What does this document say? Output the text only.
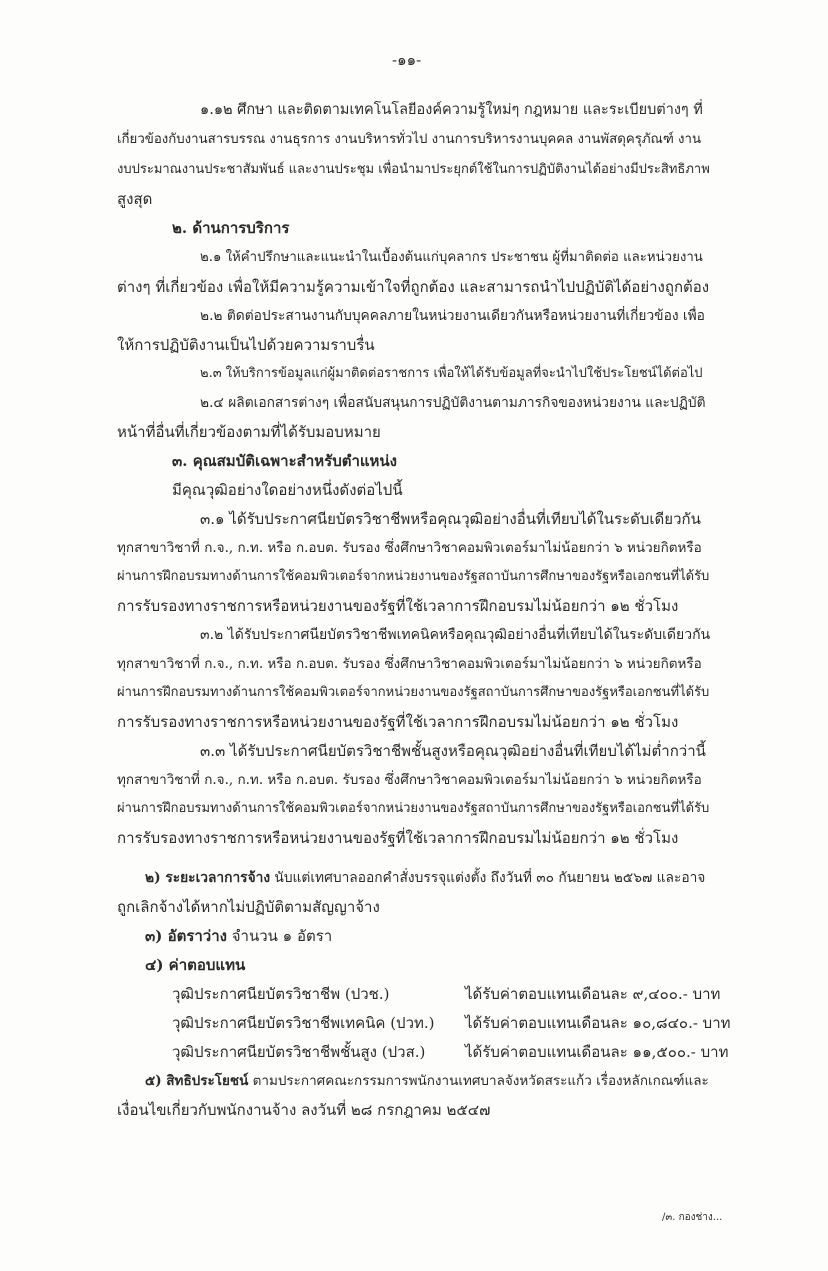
-๑๑-
๑.๑๒ ศึกษา และติดตามเทคโนโลยีองค์ความรู้ใหม่ๆ กฎหมาย และระเบียบต่างๆ ที่
เกี่ยวข้องกับงานสารบรรณ งานธุรการ งานบริหารทั่วไป งานการบริหารงานบุคคล งานพัสดุครุภัณฑ์ งาน
งบประมาณงานประชาสัมพันธ์ และงานประชุม เพื่อนำมาประยุกต์ใช้ในการปฏิบัติงานได้อย่างมีประสิทธิภาพ
สูงสุด
๒. ด้านการบริการ
๒.๑ ให้คำปรึกษาและแนะนำในเบื้องต้นแก่บุคลากร ประชาชน ผู้ที่มาติดต่อ และหน่วยงาน
ต่างๆ ที่เกี่ยวข้อง เพื่อให้มีความรู้ความเข้าใจที่ถูกต้อง และสามารถนำไปปฏิบัติได้อย่างถูกต้อง
๒.๒ ติดต่อประสานงานกับบุคคลภายในหน่วยงานเดียวกันหรือหน่วยงานที่เกี่ยวข้อง เพื่อ
ให้การปฏิบัติงานเป็นไปด้วยความราบรื่น
๒.๓ ให้บริการข้อมูลแก่ผู้มาติดต่อราชการ เพื่อให้ได้รับข้อมูลที่จะนำไปใช้ประโยชน์ได้ต่อไป
๒.๔ ผลิตเอกสารต่างๆ เพื่อสนับสนุนการปฏิบัติงานตามภารกิจของหน่วยงาน และปฏิบัติ
หน้าที่อื่นที่เกี่ยวข้องตามที่ได้รับมอบหมาย
๓. คุณสมบัติเฉพาะสำหรับตำแหน่ง
มีคุณวุฒิอย่างใดอย่างหนึ่งดังต่อไปนี้
๓.๑ ได้รับประกาศนียบัตรวิชาชีพหรือคุณวุฒิอย่างอื่นที่เทียบได้ในระดับเดียวกัน
ทุกสาขาวิชาที่ ก.จ., ก.ท. หรือ ก.อบต. รับรอง ซึ่งศึกษาวิชาคอมพิวเตอร์มาไม่น้อยกว่า ๖ หน่วยกิตหรือ
ผ่านการฝึกอบรมทางด้านการใช้คอมพิวเตอร์จากหน่วยงานของรัฐสถาบันการศึกษาของรัฐหรือเอกชนที่ได้รับ
การรับรองทางราชการหรือหน่วยงานของรัฐที่ใช้เวลาการฝึกอบรมไม่น้อยกว่า ๑๒ ชั่วโมง
๓.๒ ได้รับประกาศนียบัตรวิชาชีพเทคนิคหรือคุณวุฒิอย่างอื่นที่เทียบได้ในระดับเดียวกัน
ทุกสาขาวิชาที่ ก.จ., ก.ท. หรือ ก.อบต. รับรอง ซึ่งศึกษาวิชาคอมพิวเตอร์มาไม่น้อยกว่า ๖ หน่วยกิตหรือ
ผ่านการฝึกอบรมทางด้านการใช้คอมพิวเตอร์จากหน่วยงานของรัฐสถาบันการศึกษาของรัฐหรือเอกชนที่ได้รับ
การรับรองทางราชการหรือหน่วยงานของรัฐที่ใช้เวลาการฝึกอบรมไม่น้อยกว่า ๑๒ ชั่วโมง
๓.๓ ได้รับประกาศนียบัตรวิชาชีพชั้นสูงหรือคุณวุฒิอย่างอื่นที่เทียบได้ไม่ต่ำกว่านี้
ทุกสาขาวิชาที่ ก.จ., ก.ท. หรือ ก.อบต. รับรอง ซึ่งศึกษาวิชาคอมพิวเตอร์มาไม่น้อยกว่า ๖ หน่วยกิตหรือ
ผ่านการฝึกอบรมทางด้านการใช้คอมพิวเตอร์จากหน่วยงานของรัฐสถาบันการศึกษาของรัฐหรือเอกชนที่ได้รับ
การรับรองทางราชการหรือหน่วยงานของรัฐที่ใช้เวลาการฝึกอบรมไม่น้อยกว่า ๑๒ ชั่วโมง
๒) ระยะเวลาการจ้าง นับแต่เทศบาลออกคำสั่งบรรจุแต่งตั้ง ถึงวันที่ ๓๐ กันยายน ๒๕๖๗ และอาจ
ถูกเลิกจ้างได้หากไม่ปฏิบัติตามสัญญาจ้าง
๓) อัตราว่าง จำนวน ๑ อัตรา
๔) ค่าตอบแทน
วุฒิประกาศนียบัตรวิชาชีพ (ปวช.)	ได้รับค่าตอบแทนเดือนละ ๙,๔๐๐.- บาท
วุฒิประกาศนียบัตรวิชาชีพเทคนิค (ปวท.) ได้รับค่าตอบแทนเดือนละ ๑๐,๘๔๐.- บาท
วุฒิประกาศนียบัตรวิชาชีพชั้นสูง (ปวส.)	ได้รับค่าตอบแทนเดือนละ ๑๑,๕๐๐.- บาท
๕) สิทธิประโยชน์ ตามประกาศคณะกรรมการพนักงานเทศบาลจังหวัดสระแก้ว เรื่องหลักเกณฑ์และ
เงื่อนไขเกี่ยวกับพนักงานจ้าง ลงวันที่ ๒๘ กรกฎาคม ๒๕๔๗
/๓. กองช่าง...
